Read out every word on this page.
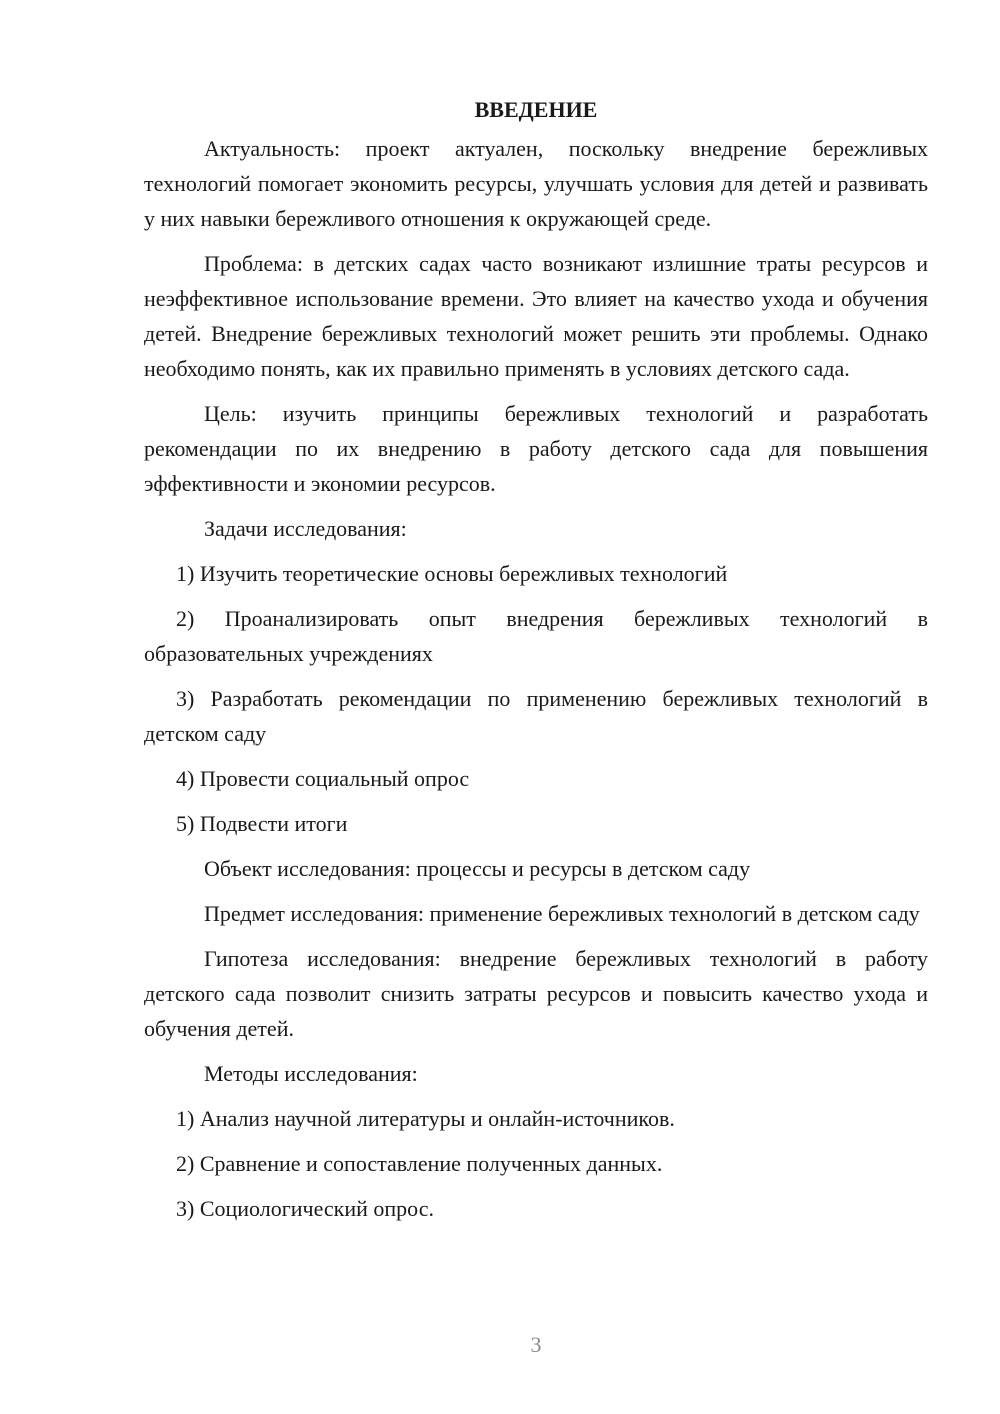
ВВЕДЕНИЕ

Актуальность: проект актуален, поскольку внедрение бережливых технологий помогает экономить ресурсы, улучшать условия для детей и развивать у них навыки бережливого отношения к окружающей среде.

Проблема: в детских садах часто возникают излишние траты ресурсов и неэффективное использование времени. Это влияет на качество ухода и обучения детей. Внедрение бережливых технологий может решить эти проблемы. Однако необходимо понять, как их правильно применять в условиях детского сада.

Цель: изучить принципы бережливых технологий и разработать рекомендации по их внедрению в работу детского сада для повышения эффективности и экономии ресурсов.

Задачи исследования:

1) Изучить теоретические основы бережливых технологий

2) Проанализировать опыт внедрения бережливых технологий в образовательных учреждениях

3) Разработать рекомендации по применению бережливых технологий в детском саду

4) Провести социальный опрос

5) Подвести итоги

Объект исследования: процессы и ресурсы в детском саду

Предмет исследования: применение бережливых технологий в детском саду

Гипотеза исследования: внедрение бережливых технологий в работу детского сада позволит снизить затраты ресурсов и повысить качество ухода и обучения детей.

Методы исследования:

1) Анализ научной литературы и онлайн-источников.

2) Сравнение и сопоставление полученных данных.

3) Социологический опрос.

3
